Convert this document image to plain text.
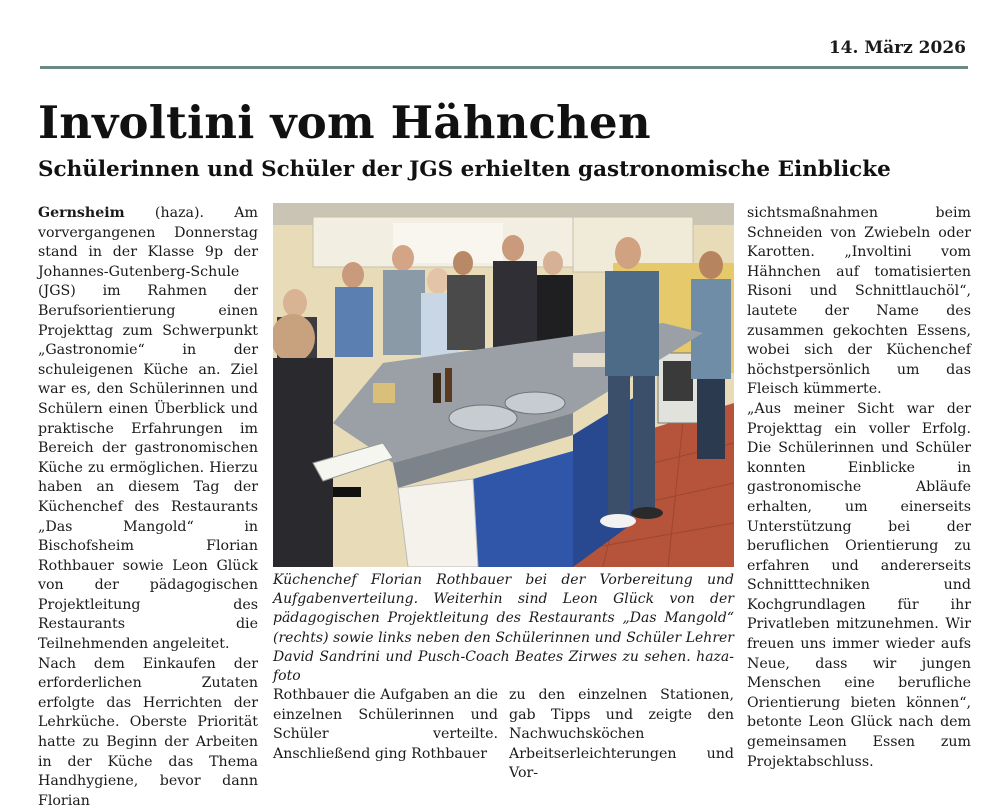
14. März 2026
Involtini vom Hähnchen
Schülerinnen und Schüler der JGS erhielten gastronomische Einblicke

Gernsheim (haza). Am vorvergangenen Donnerstag stand in der Klasse 9p der Johannes-Gutenberg-Schule (JGS) im Rahmen der Berufsorientierung einen Projekttag zum Schwerpunkt „Gastronomie“ in der schuleigenen Küche an. Ziel war es, den Schülerinnen und Schülern einen Überblick und praktische Erfahrungen im Bereich der gastronomischen Küche zu ermöglichen. Hierzu haben an diesem Tag der Küchenchef des Restaurants „Das Mangold“ in Bischofsheim Florian Rothbauer sowie Leon Glück von der pädagogischen Projektleitung des Restaurants die Teilnehmenden angeleitet.

Nach dem Einkaufen der erforderlichen Zutaten erfolgte das Herrichten der Lehrküche. Oberste Priorität hatte zu Beginn der Arbeiten in der Küche das Thema Handhygiene, bevor dann Florian

Küchenchef Florian Rothbauer bei der Vorbereitung und Aufgabenverteilung. Weiterhin sind Leon Glück von der pädagogischen Projektleitung des Restaurants „Das Mangold“ (rechts) sowie links neben den Schülerinnen und Schüler Lehrer David Sandrini und Pusch-Coach Beates Zirwes zu sehen. haza-foto

Rothbauer die Aufgaben an die einzelnen Schülerinnen und Schüler verteilte. Anschließend ging Rothbauer

zu den einzelnen Stationen, gab Tipps und zeigte den Nachwuchsköchen Arbeitserleichterungen und Vor-

sichtsmaßnahmen beim Schneiden von Zwiebeln oder Karotten. „Involtini vom Hähnchen auf tomatisierten Risoni und Schnittlauchöl“, lautete der Name des zusammen gekochten Essens, wobei sich der Küchenchef höchstpersönlich um das Fleisch kümmerte.

„Aus meiner Sicht war der Projekttag ein voller Erfolg. Die Schülerinnen und Schüler konnten Einblicke in gastronomische Abläufe erhalten, um einerseits Unterstützung bei der beruflichen Orientierung zu erfahren und andererseits Schnitttechniken und Kochgrundlagen für ihr Privatleben mitzunehmen. Wir freuen uns immer wieder aufs Neue, dass wir jungen Menschen eine berufliche Orientierung bieten können“, betonte Leon Glück nach dem gemeinsamen Essen zum Projektabschluss.
